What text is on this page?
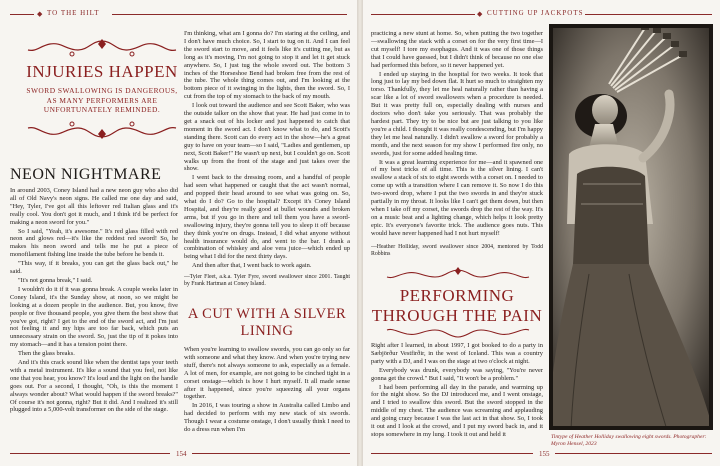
◆ TO THE HILT
INJURIES HAPPEN
SWORD SWALLOWING IS DANGEROUS, AS MANY PERFORMERS ARE UNFORTUNATELY REMINDED.
NEON NIGHTMARE

In around 2003, Coney Island had a new neon guy who also did all of Old Navy's neon signs. He called me one day and said, "Hey, Tyler, I've got all this leftover red Italian glass and it's really cool. You don't got it much, and I think it'd be perfect for making a neon sword for you."

So I said, "Yeah, it's awesome." It's red glass filled with red neon and glows red—it's like the reddest red sword! So, he makes his neon sword and tells me he put a piece of monofilament fishing line inside the tube before he bends it.

"This way, if it breaks, you can get the glass back out," he said.

"It's not gonna break," I said.

I wouldn't do it if it was gonna break. A couple weeks later in Coney Island, it's the Sunday show, at noon, so we might be looking at a dozen people in the audience. But, you know, five people or five thousand people, you give them the best show that you've got, right? I get to the end of the sword act, and I'm just not feeling it and my hips are too far back, which puts an unnecessary strain on the sword. So, just the tip of it pokes into my stomach—and it has a tension point there.

Then the glass breaks.

And it's this crack sound like when the dentist taps your teeth with a metal instrument. It's like a sound that you feel, not like one that you hear, you know? It's loud and the light on the handle goes out. For a second, I thought, "Oh, is this the moment I always wonder about? What would happen if the sword breaks?" Of course it's not gonna, right? But it did. And I realized it's still plugged into a 5,000-volt transformer on the side of the stage.

I'm thinking, what am I gonna do? I'm staring at the ceiling, and I don't have much choice. So, I start to tug on it. And I can feel the sword start to move, and it feels like it's cutting me, but as long as it's moving, I'm not going to stop it and let it get stuck anywhere. So, I just tug the whole sword out. The bottom 3 inches of the Horseshoe Bend had broken free from the rest of the tube. The whole thing comes out, and I'm looking at the bottom piece of it swinging in the lights, then the sword. So, I cut from the top of my stomach to the back of my mouth.

I look out toward the audience and see Scott Baker, who was the outside talker on the show that year. He had just come in to get a snack out of his locker and just happened to catch that moment in the sword act. I don't know what to do, and Scott's standing there. Scott can do every act in the show—he's a great guy to have on your team—so I said, "Ladies and gentlemen, up next, Scott Baker!" He wasn't up next, but I couldn't go on. Scott walks up from the front of the stage and just takes over the show.

I went back to the dressing room, and a handful of people had seen what happened or caught that the act wasn't normal, and popped their head around to see what was going on. So, what do I do? Go to the hospital? Except it's Coney Island Hospital, and they're really good at bullet wounds and broken arms, but if you go in there and tell them you have a sword-swallowing injury, they're gonna tell you to sleep it off because they think you're on drugs. Instead, I did what anyone without health insurance would do, and went to the bar. I drank a combination of whiskey and aloe vera juice—which ended up being what I did for the next thirty days.

And then after that, I went back to work again.

—Tyler Fleet, a.k.a. Tyler Fyre, sword swallower since 2001. Taught by Frank Hartman at Coney Island.

A CUT WITH A SILVER LINING

When you're learning to swallow swords, you can go only so far with someone and what they know. And when you're trying new stuff, there's not always someone to ask, especially as a female. A lot of men, for example, are not going to be cinched tight in a corset onstage—which is how I hurt myself. It all made sense after it happened, since you're squeezing all your organs together.

In 2016, I was touring a show in Australia called Limbo and had decided to perform with my new stack of six swords. Though I wear a costume onstage, I don't usually think I need to do a dress run when I'm

154
◆ CUTTING UP JACKPOTS

practicing a new stunt at home. So, when putting the two together—swallowing the stack with a corset on for the very first time—I cut myself! I tore my esophagus. And it was one of those things that I could have guessed, but I didn't think of because no one else had performed this before, so it never happened yet.

I ended up staying in the hospital for two weeks. It took that long just to lay my bed down flat. It hurt so much to straighten my torso. Thankfully, they let me heal naturally rather than having a scar like a lot of sword swallowers when a procedure is needed. But it was pretty full on, especially dealing with nurses and doctors who don't take you seriously. That was probably the hardest part. They try to be nice but are just talking to you like you're a child. I thought it was really condescending, but I'm happy they let me heal naturally. I didn't swallow a sword for probably a month, and the next season for my show I performed fire only, no swords, just for some added healing time.

It was a great learning experience for me—and it spawned one of my best tricks of all time. This is the silver lining. I can't swallow a stack of six to eight swords with a corset on. I needed to come up with a transition where I can remove it. So now I do this two-sword drop, where I put the two swords in and they're stuck partially in my throat. It looks like I can't get them down, but then when I take off my corset, the swords drop the rest of the way. It's on a music beat and a lighting change, which helps it look pretty epic. It's everyone's favorite trick. The audience goes nuts. This would have never happened had I not hurt myself!

—Heather Holliday, sword swallower since 2004, mentored by Todd Robbins

PERFORMING THROUGH THE PAIN

Right after I learned, in about 1997, I got booked to do a party in Sæbjörður Vestfirðir, in the west of Iceland. This was a country party with a DJ, and I was on the stage at two o'clock at night.

Everybody was drunk, everybody was saying, "You're never gonna get the crowd." But I said, "It won't be a problem."

I had been performing all day in the parade, and warming up for the night show. So the DJ introduced me, and I went onstage, and I tried to swallow this sword. But the sword stopped in the middle of my chest. The audience was screaming and applauding and going crazy because I was the last act in that show. So, I took it out and I look at the crowd, and I put my sword back in, and it stops somewhere in my lung. I took it out and held it	Tintype of Heather Holliday swallowing eight swords. Photographer: Myron Hensel, 2023
155
